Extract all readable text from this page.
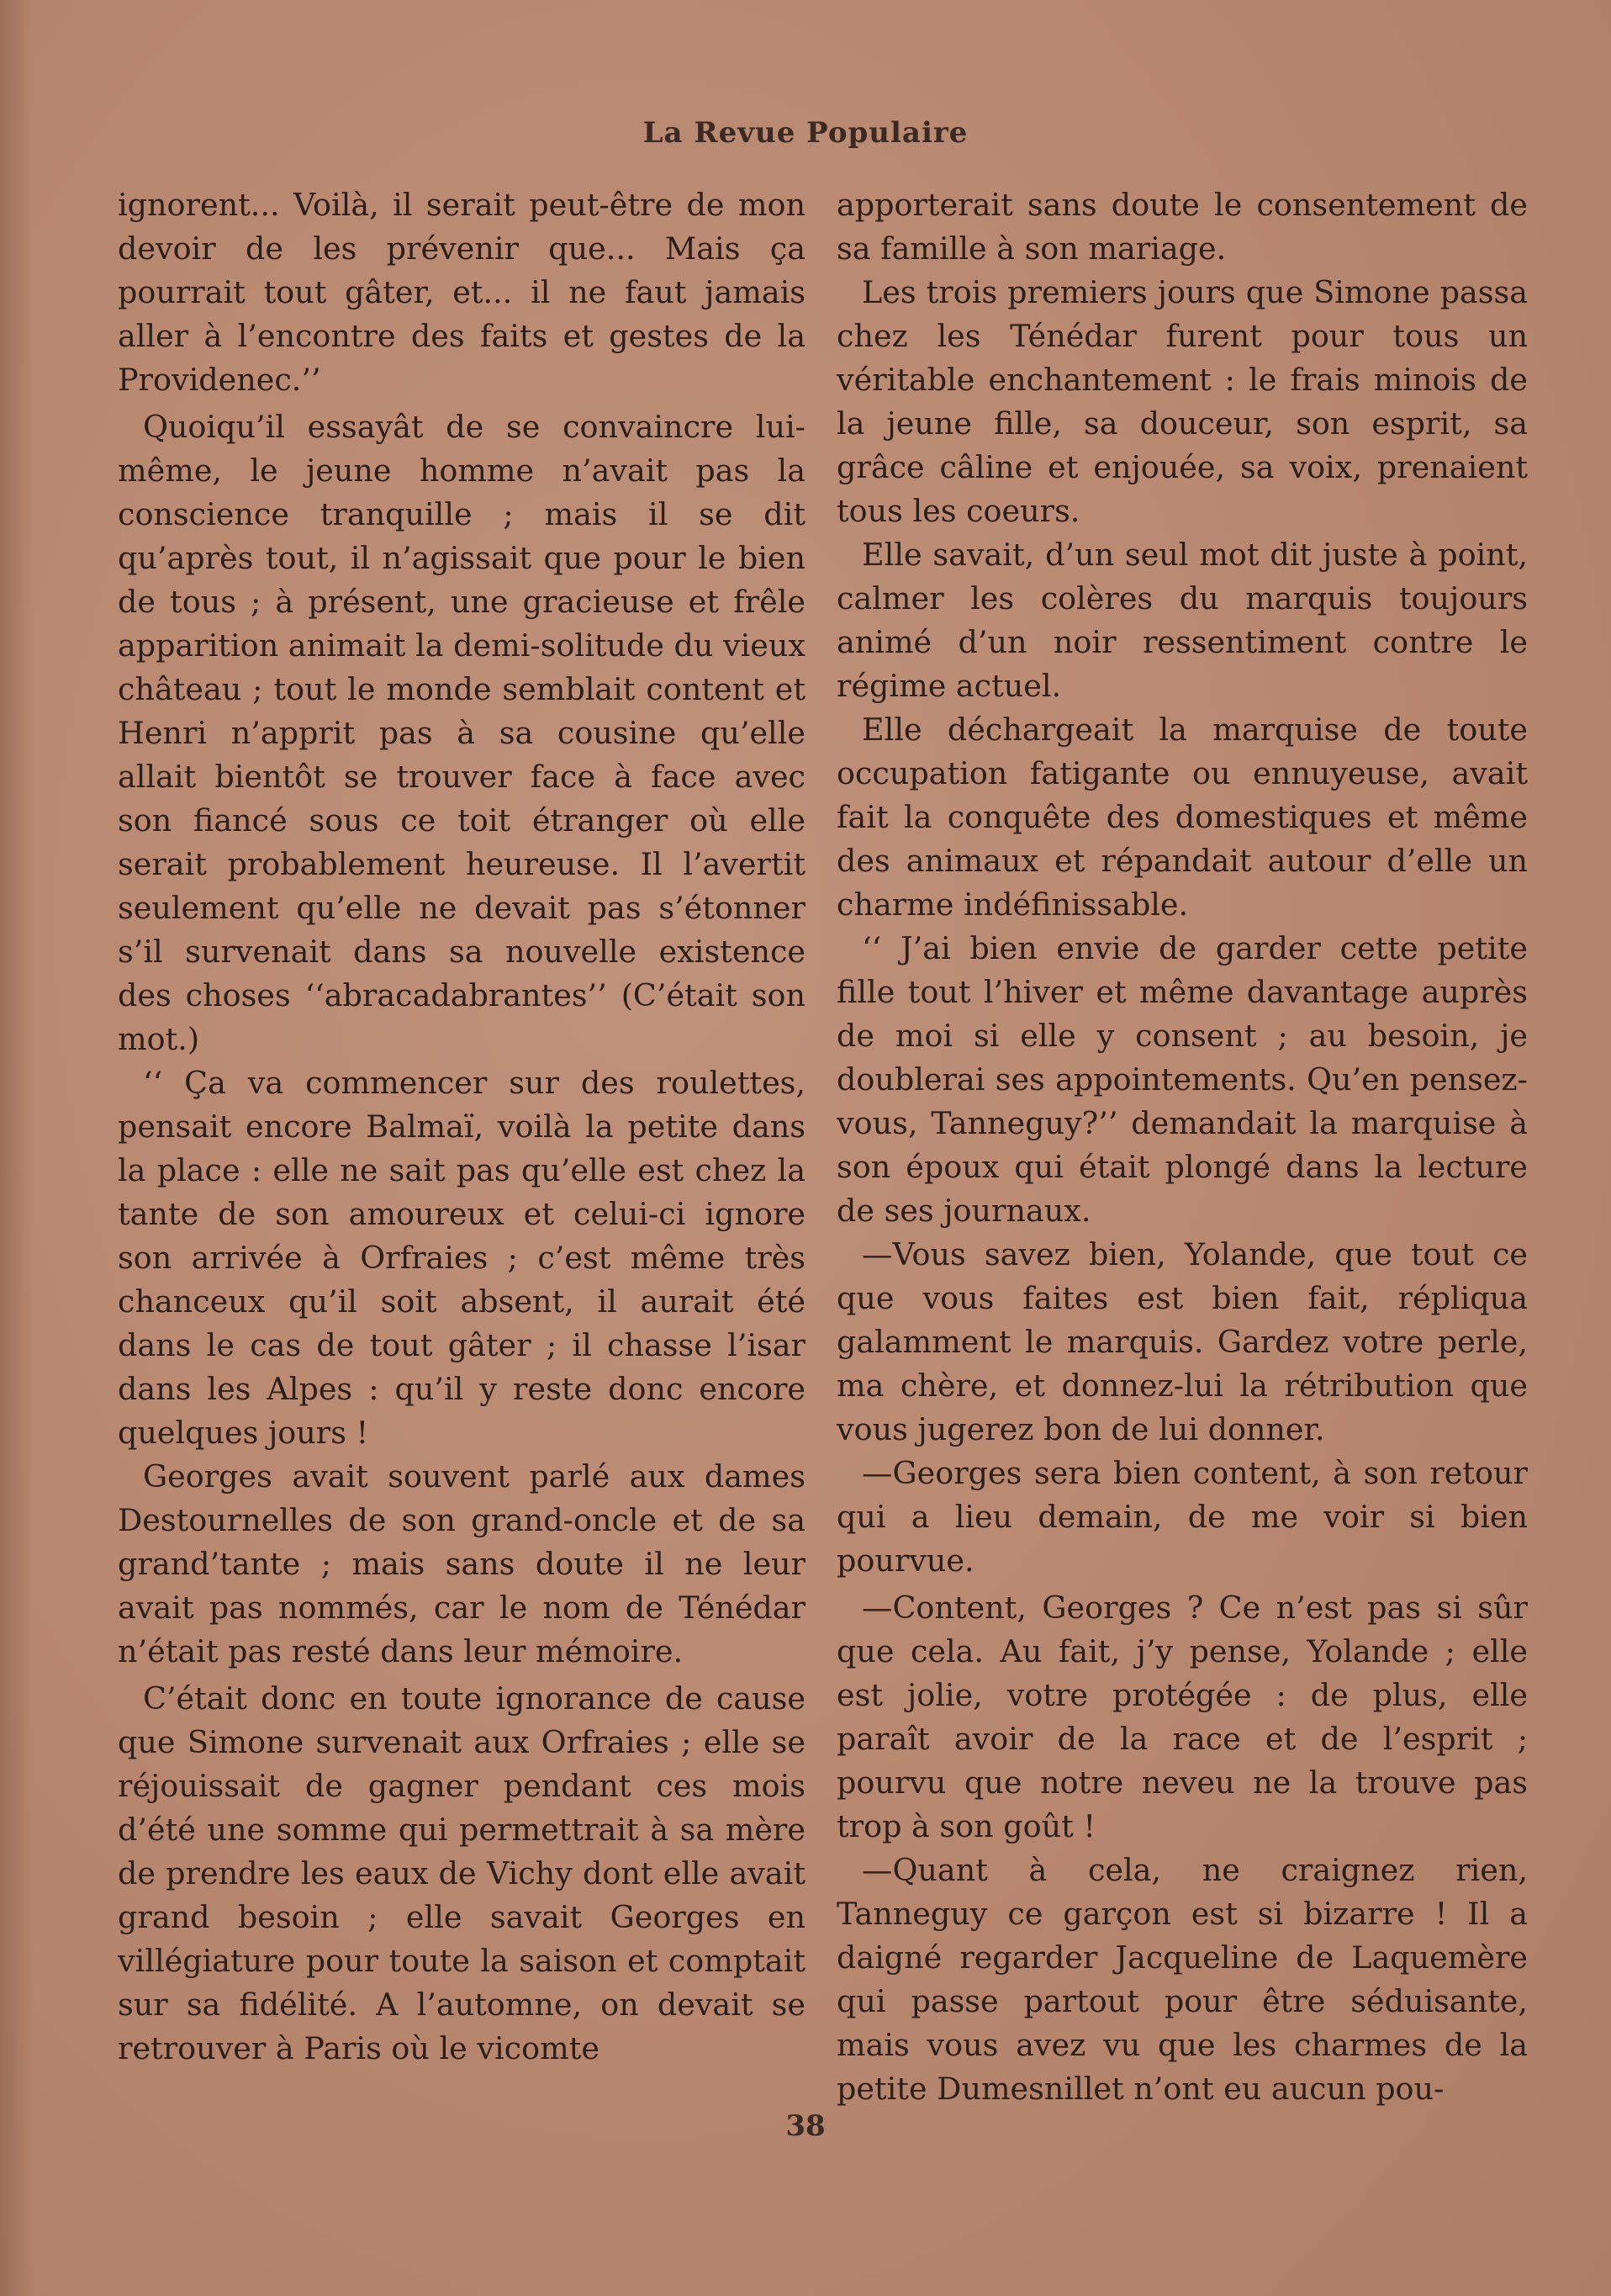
La Revue Populaire

ignorent... Voilà, il serait peut-être de mon devoir de les prévenir que... Mais ça pourrait tout gâter, et... il ne faut jamais aller à l’encontre des faits et gestes de la Providenec.’’

Quoiqu’il essayât de se convaincre lui-même, le jeune homme n’avait pas la conscience tranquille ; mais il se dit qu’après tout, il n’agissait que pour le bien de tous ; à présent, une gracieuse et frêle apparition animait la demi-solitude du vieux château ; tout le monde semblait content et Henri n’apprit pas à sa cousine qu’elle allait bientôt se trouver face à face avec son fiancé sous ce toit étranger où elle serait probablement heureuse. Il l’avertit seulement qu’elle ne devait pas s’étonner s’il survenait dans sa nouvelle existence des choses ‘‘abracadabrantes’’ (C’était son mot.)

‘‘ Ça va commencer sur des roulettes, pensait encore Balmaï, voilà la petite dans la place : elle ne sait pas qu’elle est chez la tante de son amoureux et celui-ci ignore son arrivée à Orfraies ; c’est même très chanceux qu’il soit absent, il aurait été dans le cas de tout gâter ; il chasse l’isar dans les Alpes : qu’il y reste donc encore quelques jours !

Georges avait souvent parlé aux dames Destournelles de son grand-oncle et de sa grand’tante ; mais sans doute il ne leur avait pas nommés, car le nom de Ténédar n’était pas resté dans leur mémoire.

C’était donc en toute ignorance de cause que Simone survenait aux Orfraies ; elle se réjouissait de gagner pendant ces mois d’été une somme qui permettrait à sa mère de prendre les eaux de Vichy dont elle avait grand besoin ; elle savait Georges en villégiature pour toute la saison et comptait sur sa fidélité. A l’automne, on devait se retrouver à Paris où le vicomte

apporterait sans doute le consentement de sa famille à son mariage.

Les trois premiers jours que Simone passa chez les Ténédar furent pour tous un véritable enchantement : le frais minois de la jeune fille, sa douceur, son esprit, sa grâce câline et enjouée, sa voix, prenaient tous les coeurs.

Elle savait, d’un seul mot dit juste à point, calmer les colères du marquis toujours animé d’un noir ressentiment contre le régime actuel.

Elle déchargeait la marquise de toute occupation fatigante ou ennuyeuse, avait fait la conquête des domestiques et même des animaux et répandait autour d’elle un charme indéfinissable.

‘‘ J’ai bien envie de garder cette petite fille tout l’hiver et même davantage auprès de moi si elle y consent ; au besoin, je doublerai ses appointements. Qu’en pensez-vous, Tanneguy?’’ demandait la marquise à son époux qui était plongé dans la lecture de ses journaux.

—Vous savez bien, Yolande, que tout ce que vous faites est bien fait, répliqua galamment le marquis. Gardez votre perle, ma chère, et donnez-lui la rétribution que vous jugerez bon de lui donner.

—Georges sera bien content, à son retour qui a lieu demain, de me voir si bien pourvue.

—Content, Georges ? Ce n’est pas si sûr que cela. Au fait, j’y pense, Yolande ; elle est jolie, votre protégée : de plus, elle paraît avoir de la race et de l’esprit ; pourvu que notre neveu ne la trouve pas trop à son goût !

—Quant à cela, ne craignez rien, Tanneguy ce garçon est si bizarre ! Il a daigné regarder Jacqueline de Laquemère qui passe partout pour être séduisante, mais vous avez vu que les charmes de la petite Dumesnillet n’ont eu aucun pou-

38
